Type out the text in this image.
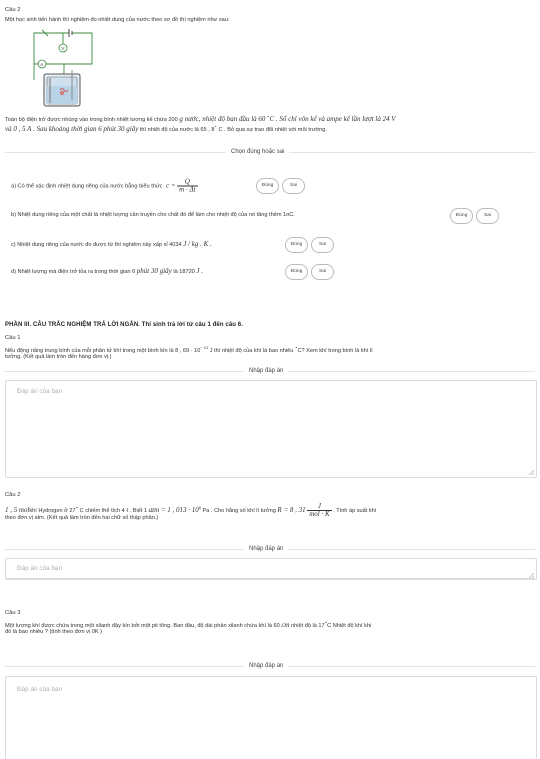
Câu 2
Một học sinh tiến hành thí nghiệm đo nhiệt dung của nước theo sơ đồ thí nghiệm như sau:
V
A
Toàn bộ điện trở được nhúng vào trong bình nhiệt lượng kế chứa 200 g nước, nhiệt độ ban đầu là 60 ∘C . Số chỉ vôn kế và ampe kế lần lượt là 24 V
và 0 , 5 A . Sau khoảng thời gian 6 phút 30 giây thì nhiệt độ của nước là 65 , 8∘ C . Bỏ qua sự trao đổi nhiệt với môi trường.
Chọn đúng hoặc sai
a) Có thể xác định nhiệt dung riêng của nước bằng biểu thức $c = \frac{Q}{m \cdot \Delta t}$	Đúng	Sai
b) Nhiệt dung riêng của một chất là nhiệt lượng cần truyền cho chất đó để làm cho nhiệt độ của nó tăng thêm 1oC.	Đúng	Sai
c) Nhiệt dung riêng của nước đo được từ thí nghiệm này xấp xỉ 4034 J / kg . K .	Đúng	Sai
d) Nhiệt lượng mà điện trở tỏa ra trong thời gian 6 phút 30 giây là 18720 J .	Đúng	Sai
PHẦN III. CÂU TRẮC NGHIỆM TRẢ LỜI NGẮN. Thí sinh trả lời từ câu 1 đến câu 6.
Câu 1
Nếu động năng trung bình của mỗi phân tử khí trong một bình kín là 8 , $69 \cdot 10^{- 21}$ J thì nhiệt độ của khí là bao nhiêu ∘C? Xem khí trong bình là khí lí
tưởng. (Kết quả làm tròn đến hàng đơn vị.)
Nhập đáp án
Đáp án của bạn
Câu 2
1 , 5 molkhí Hydrogen ở 27∘ C chiếm thể tích 4 ℓ . Biết 1 atm = 1 , $013 \cdot 10^5$ Pa . Cho hằng số khí lí tưởng R = 8 , 31	J
mol · K . Tính áp suất khí
theo đơn vị atm. (Kết quả làm tròn đến hai chữ số thập phân.)
Nhập đáp án
Đáp án của bạn
Câu 3
Một lượng khí được chứa trong một xilanh đậy kín bởi một pit tông. Ban đầu, độ dài phần xilanh chứa khí là 60 cm nhiệt độ là 17∘C Nhiệt độ khí khi
đó là bao nhiêu ? (tính theo đơn vị 0K )
Nhập đáp án
Đáp án của bạn
